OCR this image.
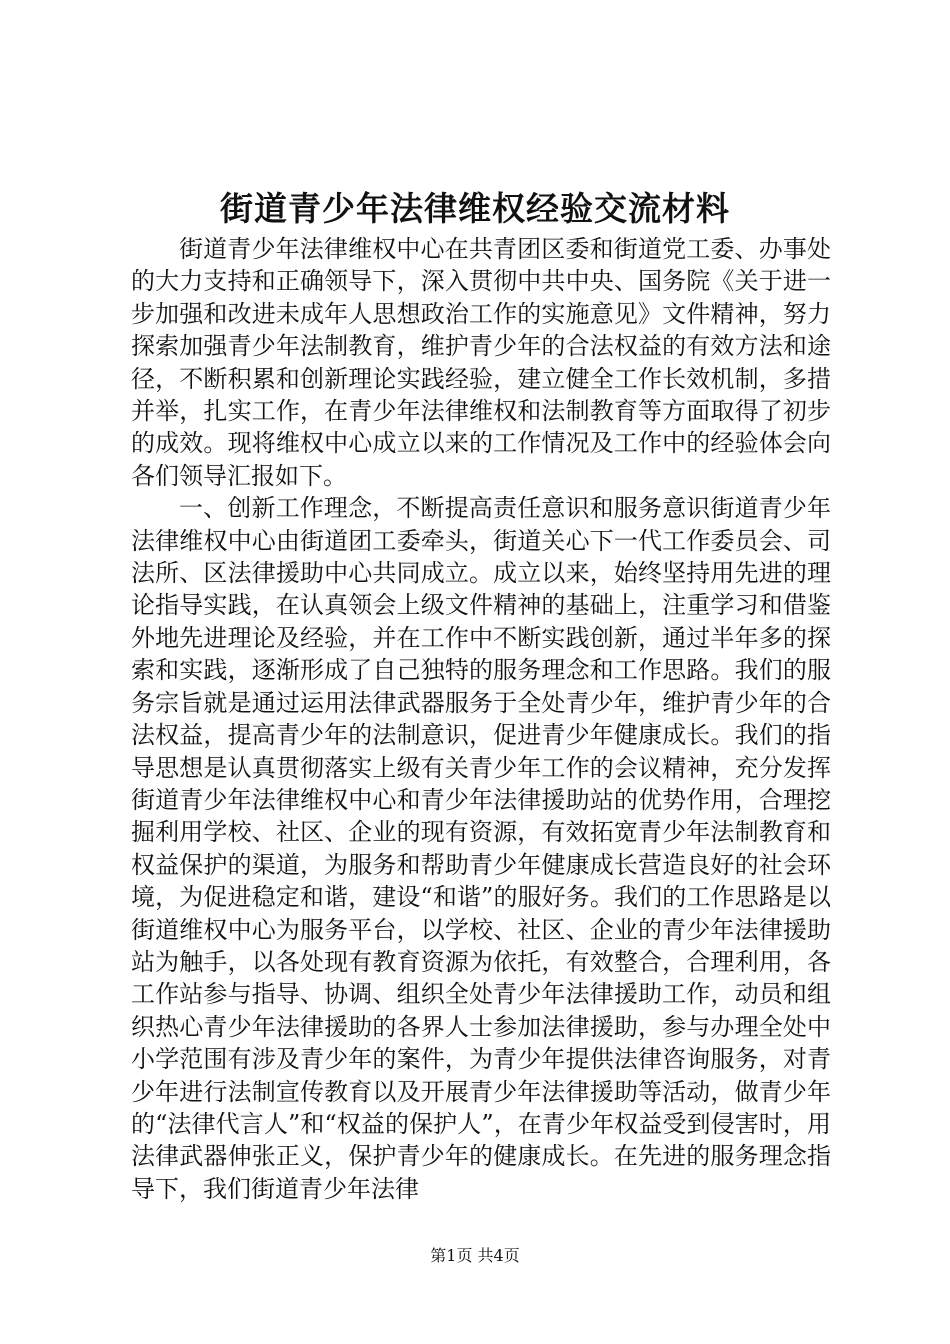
街道青少年法律维权经验交流材料

街道青少年法律维权中心在共青团区委和街道党工委、办事处的大力支持和正确领导下，深入贯彻中共中央、国务院《关于进一步加强和改进未成年人思想政治工作的实施意见》文件精神，努力探索加强青少年法制教育，维护青少年的合法权益的有效方法和途径，不断积累和创新理论实践经验，建立健全工作长效机制，多措并举，扎实工作，在青少年法律维权和法制教育等方面取得了初步的成效。现将维权中心成立以来的工作情况及工作中的经验体会向各们领导汇报如下。

一、创新工作理念，不断提高责任意识和服务意识街道青少年法律维权中心由街道团工委牵头，街道关心下一代工作委员会、司法所、区法律援助中心共同成立。成立以来，始终坚持用先进的理论指导实践，在认真领会上级文件精神的基础上，注重学习和借鉴外地先进理论及经验，并在工作中不断实践创新，通过半年多的探索和实践，逐渐形成了自己独特的服务理念和工作思路。我们的服务宗旨就是通过运用法律武器服务于全处青少年，维护青少年的合法权益，提高青少年的法制意识，促进青少年健康成长。我们的指导思想是认真贯彻落实上级有关青少年工作的会议精神，充分发挥街道青少年法律维权中心和青少年法律援助站的优势作用，合理挖掘利用学校、社区、企业的现有资源，有效拓宽青少年法制教育和权益保护的渠道，为服务和帮助青少年健康成长营造良好的社会环境，为促进稳定和谐，建设“和谐”的服好务。我们的工作思路是以街道维权中心为服务平台，以学校、社区、企业的青少年法律援助站为触手，以各处现有教育资源为依托，有效整合，合理利用，各工作站参与指导、协调、组织全处青少年法律援助工作，动员和组织热心青少年法律援助的各界人士参加法律援助，参与办理全处中小学范围有涉及青少年的案件，为青少年提供法律咨询服务，对青少年进行法制宣传教育以及开展青少年法律援助等活动，做青少年的“法律代言人”和“权益的保护人”，在青少年权益受到侵害时，用法律武器伸张正义，保护青少年的健康成长。在先进的服务理念指导下，我们街道青少年法律

第1页 共4页
